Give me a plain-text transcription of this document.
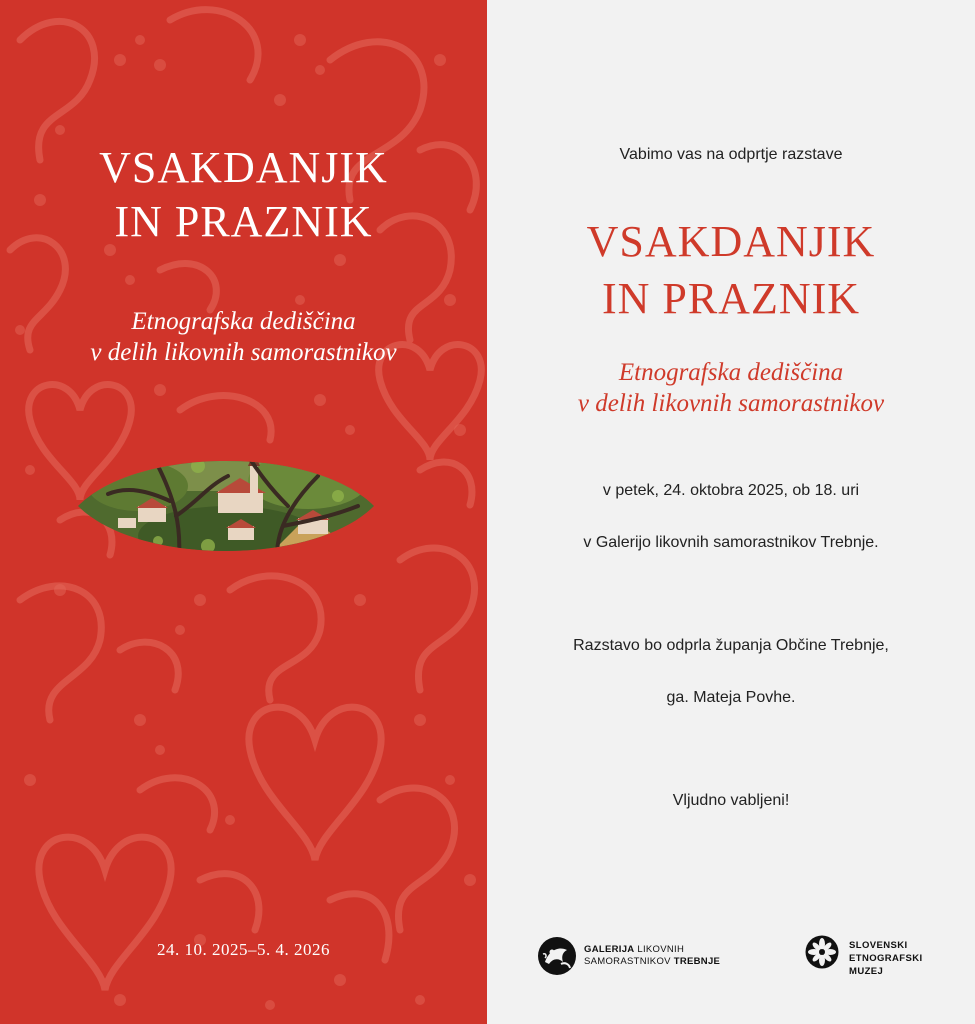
VSAKDANJIK
IN PRAZNIK
Etnografska dediščina
v delih likovnih samorastnikov
24. 10. 2025–5. 4. 2026
Vabimo vas na odprtje razstave
VSAKDANJIK
IN PRAZNIK
Etnografska dediščina
v delih likovnih samorastnikov
v petek, 24. oktobra 2025, ob 18. uri
v Galerijo likovnih samorastnikov Trebnje.
Razstavo bo odprla županja Občine Trebnje,
ga. Mateja Povhe.
Vljudno vabljeni!
GALERIJA LIKOVNIH
SAMORASTNIKOV TREBNJE
SLOVENSKI
ETNOGRAFSKI
MUZEJ
